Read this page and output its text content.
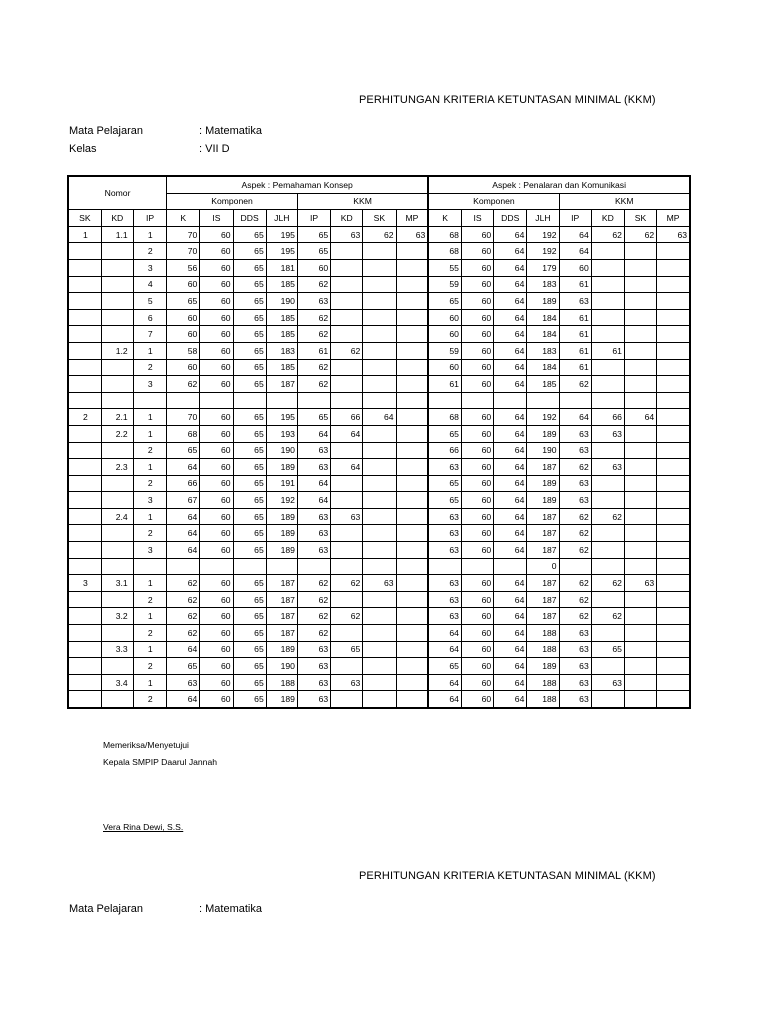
PERHITUNGAN KRITERIA KETUNTASAN MINIMAL (KKM)
Mata Pelajaran	: Matematika
Kelas	: VII D
Nomor			Aspek : Pemahaman Konsep								Aspek : Penalaran dan Komunikasi							
			Komponen				KKM				Komponen				KKM			
SK	KD	IP	K	IS	DDS	JLH	IP	KD	SK	MP	K	IS	DDS	JLH	IP	KD	SK	MP
1	1.1	1	70	60	65	195	65	63	62	63	68	60	64	192	64	62	62	63
		2	70	60	65	195	65				68	60	64	192	64			
		3	56	60	65	181	60				55	60	64	179	60			
		4	60	60	65	185	62				59	60	64	183	61			
		5	65	60	65	190	63				65	60	64	189	63			
		6	60	60	65	185	62				60	60	64	184	61			
		7	60	60	65	185	62				60	60	64	184	61			
	1.2	1	58	60	65	183	61	62			59	60	64	183	61	61		
		2	60	60	65	185	62				60	60	64	184	61			
		3	62	60	65	187	62				61	60	64	185	62			

2	2.1	1	70	60	65	195	65	66	64		68	60	64	192	64	66	64	
	2.2	1	68	60	65	193	64	64			65	60	64	189	63	63		
		2	65	60	65	190	63				66	60	64	190	63			
	2.3	1	64	60	65	189	63	64			63	60	64	187	62	63		
		2	66	60	65	191	64				65	60	64	189	63			
		3	67	60	65	192	64				65	60	64	189	63			
	2.4	1	64	60	65	189	63	63			63	60	64	187	62	62		
		2	64	60	65	189	63				63	60	64	187	62			
		3	64	60	65	189	63				63	60	64	187	62			
														0				
3	3.1	1	62	60	65	187	62	62	63		63	60	64	187	62	62	63	
		2	62	60	65	187	62				63	60	64	187	62			
	3.2	1	62	60	65	187	62	62			63	60	64	187	62	62		
		2	62	60	65	187	62				64	60	64	188	63			
	3.3	1	64	60	65	189	63	65			64	60	64	188	63	65		
		2	65	60	65	190	63				65	60	64	189	63			
	3.4	1	63	60	65	188	63	63			64	60	64	188	63	63		
		2	64	60	65	189	63				64	60	64	188	63			
Memeriksa/Menyetujui
Kepala SMPIP Daarul Jannah
Vera Rina Dewi, S.S.
PERHITUNGAN KRITERIA KETUNTASAN MINIMAL (KKM)
Mata Pelajaran	: Matematika
